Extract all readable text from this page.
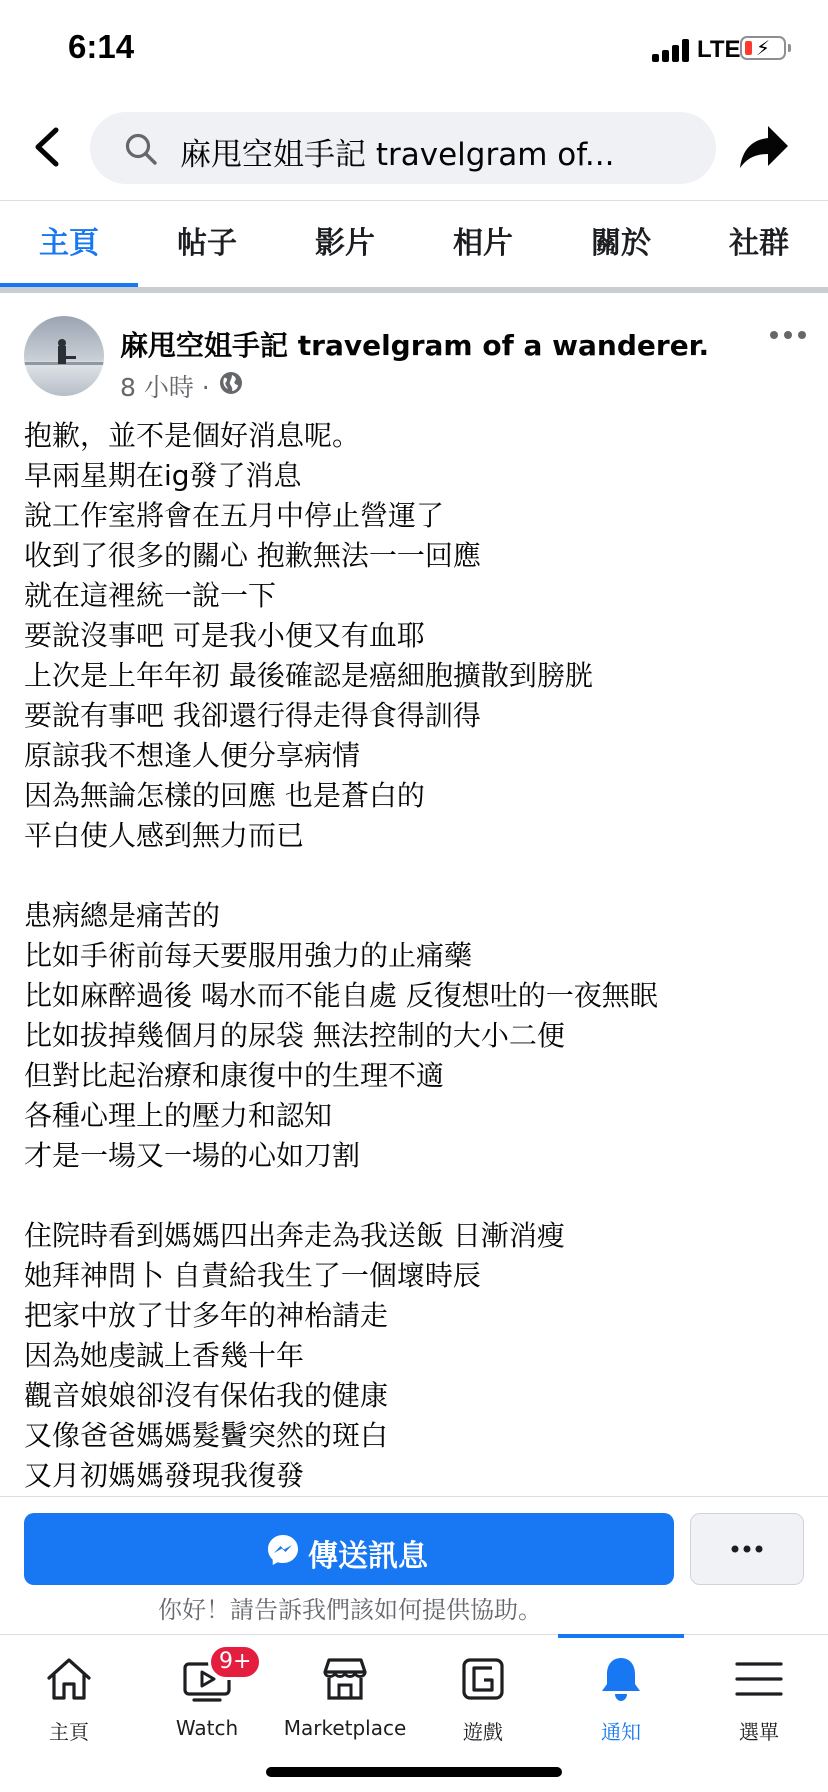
6:14	LTE ⚡
麻甩空姐手記 travelgram of...
主頁	帖子	影片	相片	關於	社群
麻甩空姐手記 travelgram of a wanderer.
8 小時 ·
抱歉，並不是個好消息呢。
早兩星期在ig發了消息
說工作室將會在五月中停止營運了
收到了很多的關心 抱歉無法一一回應
就在這裡統一說一下
要說沒事吧 可是我小便又有血耶
上次是上年年初 最後確認是癌細胞擴散到膀胱
要說有事吧 我卻還行得走得食得訓得
原諒我不想逢人便分享病情
因為無論怎樣的回應 也是蒼白的
平白使人感到無力而已
患病總是痛苦的
比如手術前每天要服用強力的止痛藥
比如麻醉過後 喝水而不能自處 反復想吐的一夜無眠
比如拔掉幾個月的尿袋 無法控制的大小二便
但對比起治療和康復中的生理不適
各種心理上的壓力和認知
才是一場又一場的心如刀割
住院時看到媽媽四出奔走為我送飯 日漸消瘦
她拜神問卜 自責給我生了一個壞時辰
把家中放了廿多年的神枱請走
因為她虔誠上香幾十年
觀音娘娘卻沒有保佑我的健康
又像爸爸媽媽髮鬢突然的斑白
又月初媽媽發現我復發
傳送訊息
你好！請告訴我們該如何提供協助。
主頁	Watch
9+
Marketplace	遊戲	通知	選單
